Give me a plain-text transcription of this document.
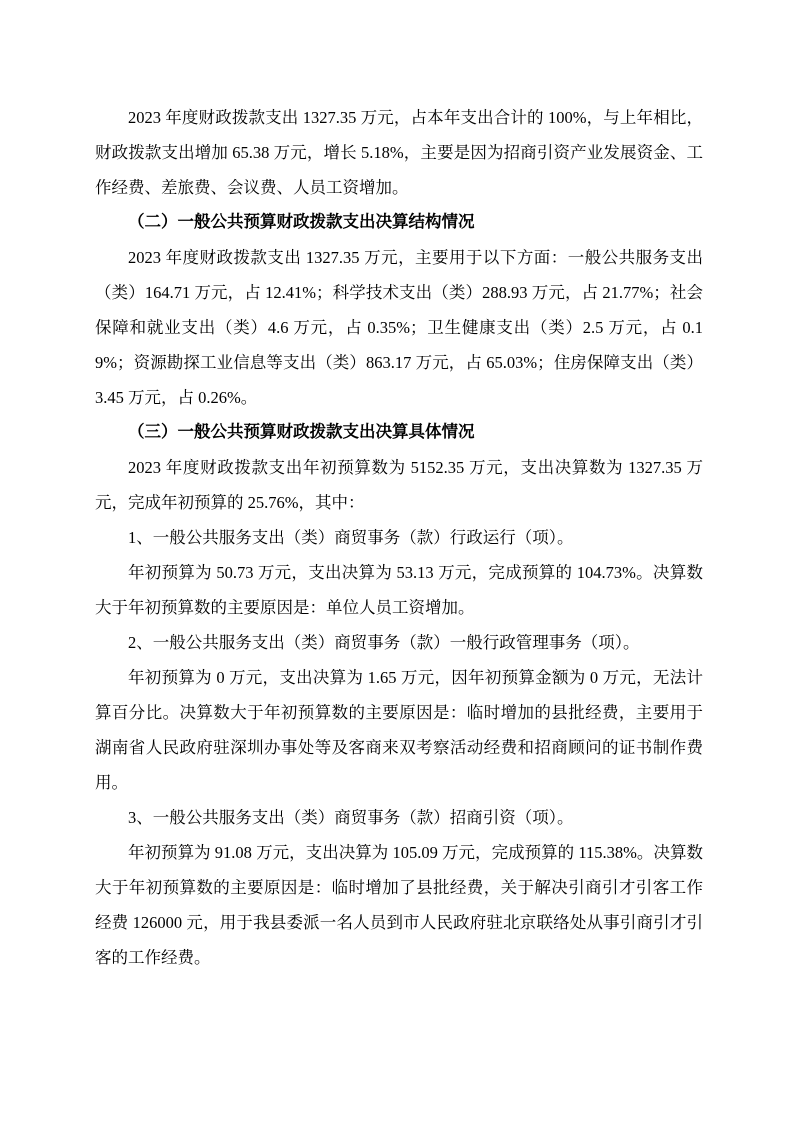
2023 年度财政拨款支出 1327.35 万元，占本年支出合计的 100%，与上年相比，财政拨款支出增加 65.38 万元，增长 5.18%，主要是因为招商引资产业发展资金、工作经费、差旅费、会议费、人员工资增加。

（二）一般公共预算财政拨款支出决算结构情况

2023 年度财政拨款支出 1327.35 万元，主要用于以下方面：一般公共服务支出（类）164.71 万元，占 12.41%；科学技术支出（类）288.93 万元，占 21.77%；社会保障和就业支出（类）4.6 万元，占 0.35%；卫生健康支出（类）2.5 万元，占 0.19%；资源勘探工业信息等支出（类）863.17 万元，占 65.03%；住房保障支出（类）3.45 万元，占 0.26%。

（三）一般公共预算财政拨款支出决算具体情况

2023 年度财政拨款支出年初预算数为 5152.35 万元，支出决算数为 1327.35 万元，完成年初预算的 25.76%，其中：

1、一般公共服务支出（类）商贸事务（款）行政运行（项）。

年初预算为 50.73 万元，支出决算为 53.13 万元，完成预算的 104.73%。决算数大于年初预算数的主要原因是：单位人员工资增加。

2、一般公共服务支出（类）商贸事务（款）一般行政管理事务（项）。

年初预算为 0 万元，支出决算为 1.65 万元，因年初预算金额为 0 万元，无法计算百分比。决算数大于年初预算数的主要原因是：临时增加的县批经费，主要用于湖南省人民政府驻深圳办事处等及客商来双考察活动经费和招商顾问的证书制作费用。

3、一般公共服务支出（类）商贸事务（款）招商引资（项）。

年初预算为 91.08 万元，支出决算为 105.09 万元，完成预算的 115.38%。决算数大于年初预算数的主要原因是：临时增加了县批经费，关于解决引商引才引客工作经费 126000 元，用于我县委派一名人员到市人民政府驻北京联络处从事引商引才引客的工作经费。
